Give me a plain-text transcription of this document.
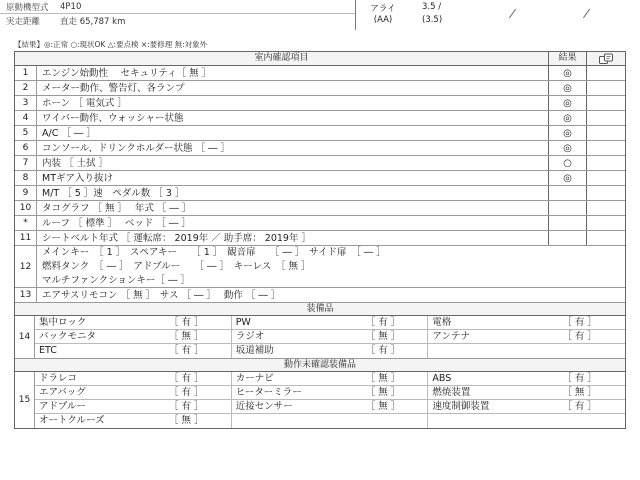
原動機型式	4P10
実走距離	直走 65,787 km
アライ
(AA)
3.5 /
(3.5)
【結果】◎:正常 ○:現状OK △:要点検 ×:要修理 無:対象外
室内確認項目	結果
1	エンジン始動性　 セキュリティ［ 無 ］	◎
2	メーター動作、警告灯、各ランプ	◎
3	ホーン ［ 電気式 ］	◎
4	ワイパー動作、ウォッシャー状態	◎
5	A/C ［ ― ］	◎
6	コンソール、ドリンクホルダー状態 ［ ― ］	◎
7	内装 ［ 土拭 ］	○
8	MTギア入り抜け	◎
9	M/T ［ 5 ］速　ペダル数 ［ 3 ］
10	タコグラフ ［ 無 ］　 年式 ［ ― ］
*	ルーフ ［ 標準 ］　 ベッド ［ ― ］
11	シートベルト年式 ［ 運転席： 2019年 ／ 助手席： 2019年 ］
12
メインキー　［ 1 ］　スペアキー　　［ 1 ］　観音扉　　［ ― ］　サイド扉　［ ― ］
燃料タンク　［ ― ］　アドブルー　　［ ― ］　キーレス　［ 無 ］
マルチファンクションキー［ ― ］
13	エアサスリモコン ［ 無 ］　サス ［ ― ］　 動作 ［ ― ］
装備品
14
集中ロック	［ 有 ］	PW	［ 有 ］	電格	［ 有 ］
バックモニタ	［ 無 ］	ラジオ	［ 無 ］	アンテナ	［ 有 ］
ETC	［ 有 ］	坂道補助	［ 有 ］
動作未確認装備品
15
ドラレコ	［ 有 ］	カーナビ	［ 無 ］	ABS	［ 有 ］
エアバッグ	［ 有 ］	ヒーターミラー	［ 無 ］	燃焼装置	［ 無 ］
アドブルー	［ 有 ］	近接センサー	［ 無 ］	速度制御装置	［ 有 ］
オートクルーズ	［ 無 ］
